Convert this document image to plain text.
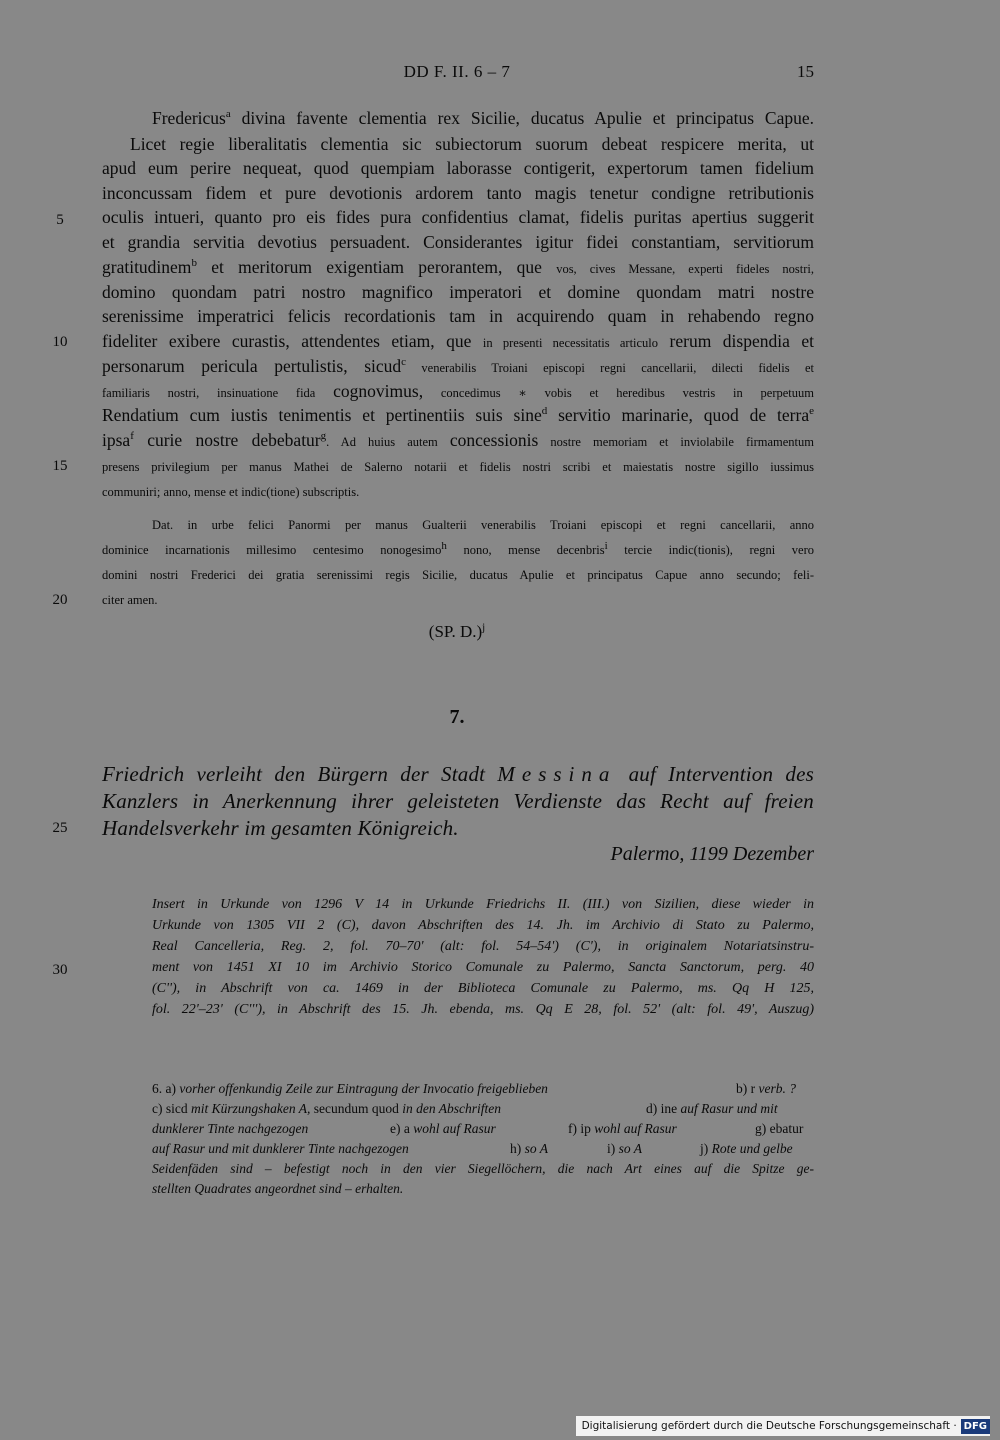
DD F. II. 6 – 7	15
5
10
15
20
25
30
Fredericus$^a$ divina favente clementia rex Sicilie, ducatus Apulie et principatus Capue.
Licet regie liberalitatis clementia sic subiectorum suorum debeat respicere merita, ut
apud eum perire nequeat, quod quempiam laborasse contigerit, expertorum tamen fidelium
inconcussam fidem et pure devotionis ardorem tanto magis tenetur condigne retributionis
oculis intueri, quanto pro eis fides pura confidentius clamat, fidelis puritas apertius suggerit
et grandia servitia devotius persuadent. Considerantes igitur fidei constantiam, servitiorum
gratitudinem$^b$ et meritorum exigentiam perorantem, que vos, cives Messane, experti fideles nostri,
domino quondam patri nostro magnifico imperatori et domine quondam matri nostre
serenissime imperatrici felicis recordationis tam in acquirendo quam in rehabendo regno
fideliter exibere curastis, attendentes etiam, que in presenti necessitatis articulo rerum dispendia et
personarum pericula pertulistis, sicud$^c$ venerabilis Troiani episcopi regni cancellarii, dilecti fidelis et
familiaris nostri, insinuatione fida cognovimus, concedimus ∗ vobis et heredibus vestris in perpetuum
Rendatium cum iustis tenimentis et pertinentiis suis sine$^d$ servitio marinarie, quod de terra$^e$
ipsa$^f$ curie nostre debebatur$^g$. Ad huius autem concessionis nostre memoriam et inviolabile firmamentum
presens privilegium per manus Mathei de Salerno notarii et fidelis nostri scribi et maiestatis nostre sigillo iussimus
communiri; anno, mense et indic(tione) subscriptis.
Dat. in urbe felici Panormi per manus Gualterii venerabilis Troiani episcopi et regni cancellarii, anno
dominice incarnationis millesimo centesimo nonogesimo$^h$ nono, mense decenbris$^i$ tercie indic(tionis), regni vero
domini nostri Frederici dei gratia serenissimi regis Sicilie, ducatus Apulie et principatus Capue anno secundo; feli-
citer amen.
(SP. D.)$^j$
7.
Friedrich verleiht den Bürgern der Stadt Messina auf Intervention des
Kanzlers in Anerkennung ihrer geleisteten Verdienste das Recht auf freien
Handelsverkehr im gesamten Königreich.
Palermo, 1199 Dezember
Insert in Urkunde von 1296 V 14 in Urkunde Friedrichs II. (III.) von Sizilien, diese wieder in
Urkunde von 1305 VII 2 (C), davon Abschriften des 14. Jh. im Archivio di Stato zu Palermo,
Real Cancelleria, Reg. 2, fol. 70–70' (alt: fol. 54–54') (C'), in originalem Notariatsinstru-
ment von 1451 XI 10 im Archivio Storico Comunale zu Palermo, Sancta Sanctorum, perg. 40
(C''), in Abschrift von ca. 1469 in der Biblioteca Comunale zu Palermo, ms. Qq H 125,
fol. 22'–23' (C'''), in Abschrift des 15. Jh. ebenda, ms. Qq E 28, fol. 52' (alt: fol. 49', Auszug)
6. a) vorher offenkundig Zeile zur Eintragung der Invocatio freigeblieben	b) r verb. ?
c) sicd mit Kürzungshaken A, secundum quod in den Abschriften	d) ine auf Rasur und mit
dunklerer Tinte nachgezogen	e) a wohl auf Rasur	f) ip wohl auf Rasur	g) ebatur
auf Rasur und mit dunklerer Tinte nachgezogen	h) so A	i) so A	j) Rote und gelbe
Seidenfäden sind – befestigt noch in den vier Siegellöchern, die nach Art eines auf die Spitze ge-
stellten Quadrates angeordnet sind – erhalten.
Digitalisierung gefördert durch die Deutsche Forschungsgemeinschaft · DFG
